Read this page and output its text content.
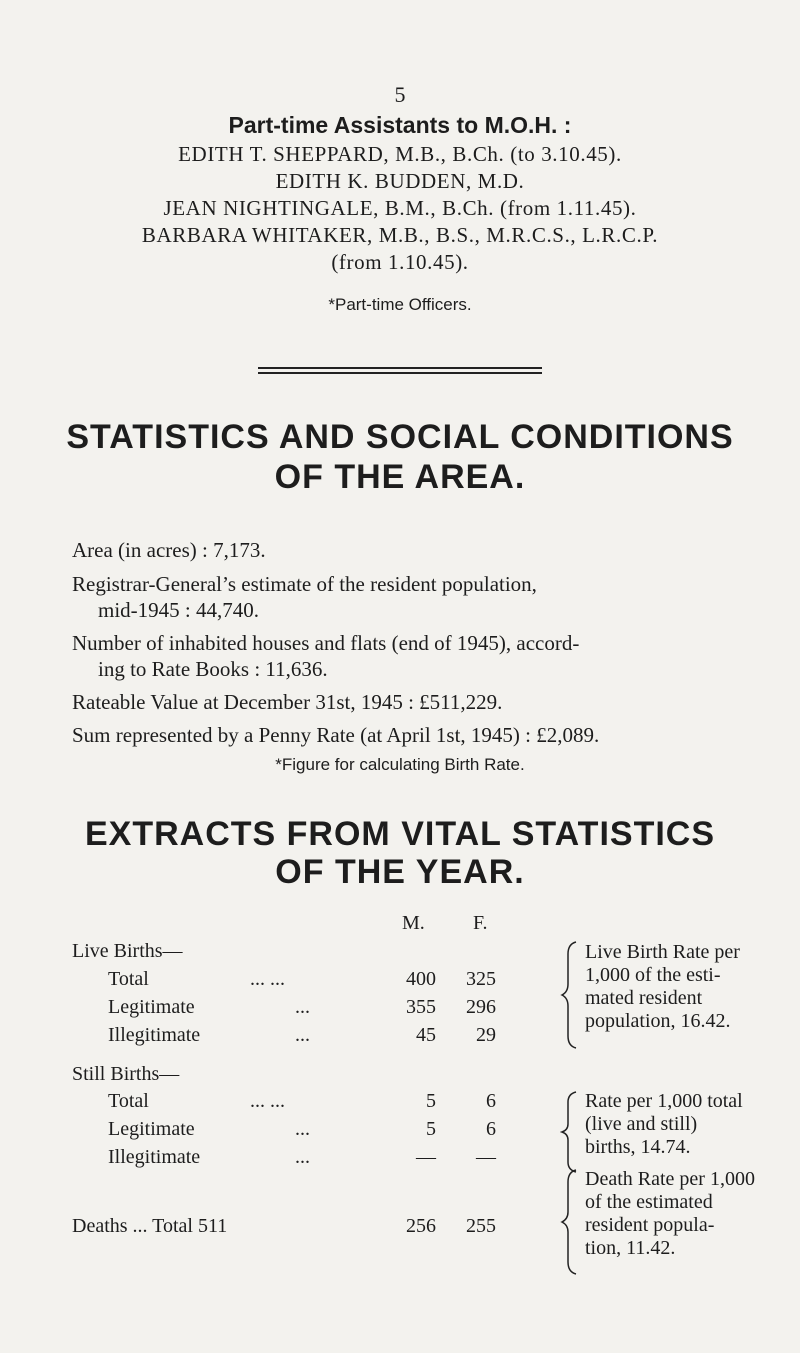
5
Part-time Assistants to M.O.H. :
EDITH T. SHEPPARD, M.B., B.Ch. (to 3.10.45).
EDITH K. BUDDEN, M.D.
JEAN NIGHTINGALE, B.M., B.Ch. (from 1.11.45).
BARBARA WHITAKER, M.B., B.S., M.R.C.S., L.R.C.P.
(from 1.10.45).
*Part-time Officers.
STATISTICS AND SOCIAL CONDITIONS
OF THE AREA.
Area (in acres) : 7,173.
Registrar-General’s estimate of the resident population,
mid-1945 : 44,740.
Number of inhabited houses and flats (end of 1945), accord-
ing to Rate Books : 11,636.
Rateable Value at December 31st, 1945 : £511,229.
Sum represented by a Penny Rate (at April 1st, 1945) : £2,089.
*Figure for calculating Birth Rate.
EXTRACTS FROM VITAL STATISTICS
OF THE YEAR.
M. F.
Live Births—
Total	... ...	400	325
Legitimate	...	355	296
Illegitimate	...	45	29
Live Birth Rate per
1,000 of the esti-
mated resident
population, 16.42.
Still Births—
Total	... ...	5	6
Legitimate	...	5	6
Illegitimate	...	—	—
Rate per 1,000 total
(live and still)
births, 14.74.
Deaths ... Total 511	256	255
Death Rate per 1,000
of the estimated
resident popula-
tion, 11.42.
